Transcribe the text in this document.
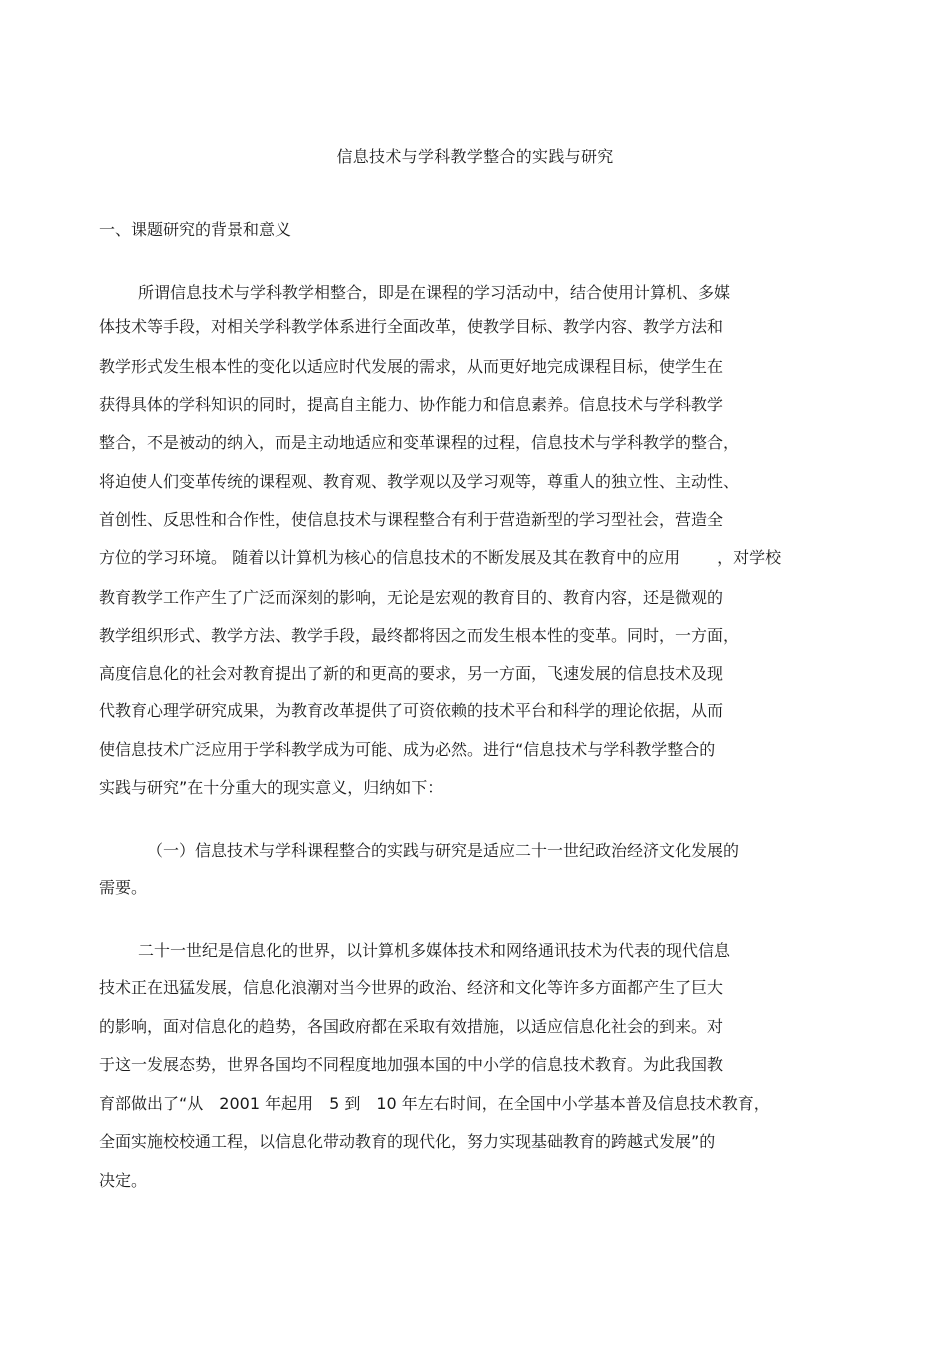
信息技术与学科教学整合的实践与研究
一、课题研究的背景和意义
所谓信息技术与学科教学相整合，即是在课程的学习活动中，结合使用计算机、多媒
体技术等手段，对相关学科教学体系进行全面改革，使教学目标、教学内容、教学方法和
教学形式发生根本性的变化以适应时代发展的需求，从而更好地完成课程目标，使学生在
获得具体的学科知识的同时，提高自主能力、协作能力和信息素养。信息技术与学科教学
整合，不是被动的纳入，而是主动地适应和变革课程的过程，信息技术与学科教学的整合，
将迫使人们变革传统的课程观、教育观、教学观以及学习观等，尊重人的独立性、主动性、
首创性、反思性和合作性，使信息技术与课程整合有利于营造新型的学习型社会，营造全
方位的学习环境。 随着以计算机为核心的信息技术的不断发展及其在教育中的应用 　　，对学校
教育教学工作产生了广泛而深刻的影响，无论是宏观的教育目的、教育内容，还是微观的
教学组织形式、教学方法、教学手段，最终都将因之而发生根本性的变革。同时，一方面，
高度信息化的社会对教育提出了新的和更高的要求，另一方面，飞速发展的信息技术及现
代教育心理学研究成果，为教育改革提供了可资依赖的技术平台和科学的理论依据，从而
使信息技术广泛应用于学科教学成为可能、成为必然。进行“信息技术与学科教学整合的
实践与研究”在十分重大的现实意义，归纳如下：
（一）信息技术与学科课程整合的实践与研究是适应二十一世纪政治经济文化发展的
需要。
二十一世纪是信息化的世界，以计算机多媒体技术和网络通讯技术为代表的现代信息
技术正在迅猛发展，信息化浪潮对当今世界的政治、经济和文化等许多方面都产生了巨大
的影响，面对信息化的趋势，各国政府都在采取有效措施，以适应信息化社会的到来。对
于这一发展态势，世界各国均不同程度地加强本国的中小学的信息技术教育。为此我国教
育部做出了“从　2001 年起用　5 到　10 年左右时间，在全国中小学基本普及信息技术教育，
全面实施校校通工程，以信息化带动教育的现代化，努力实现基础教育的跨越式发展”的
决定。
